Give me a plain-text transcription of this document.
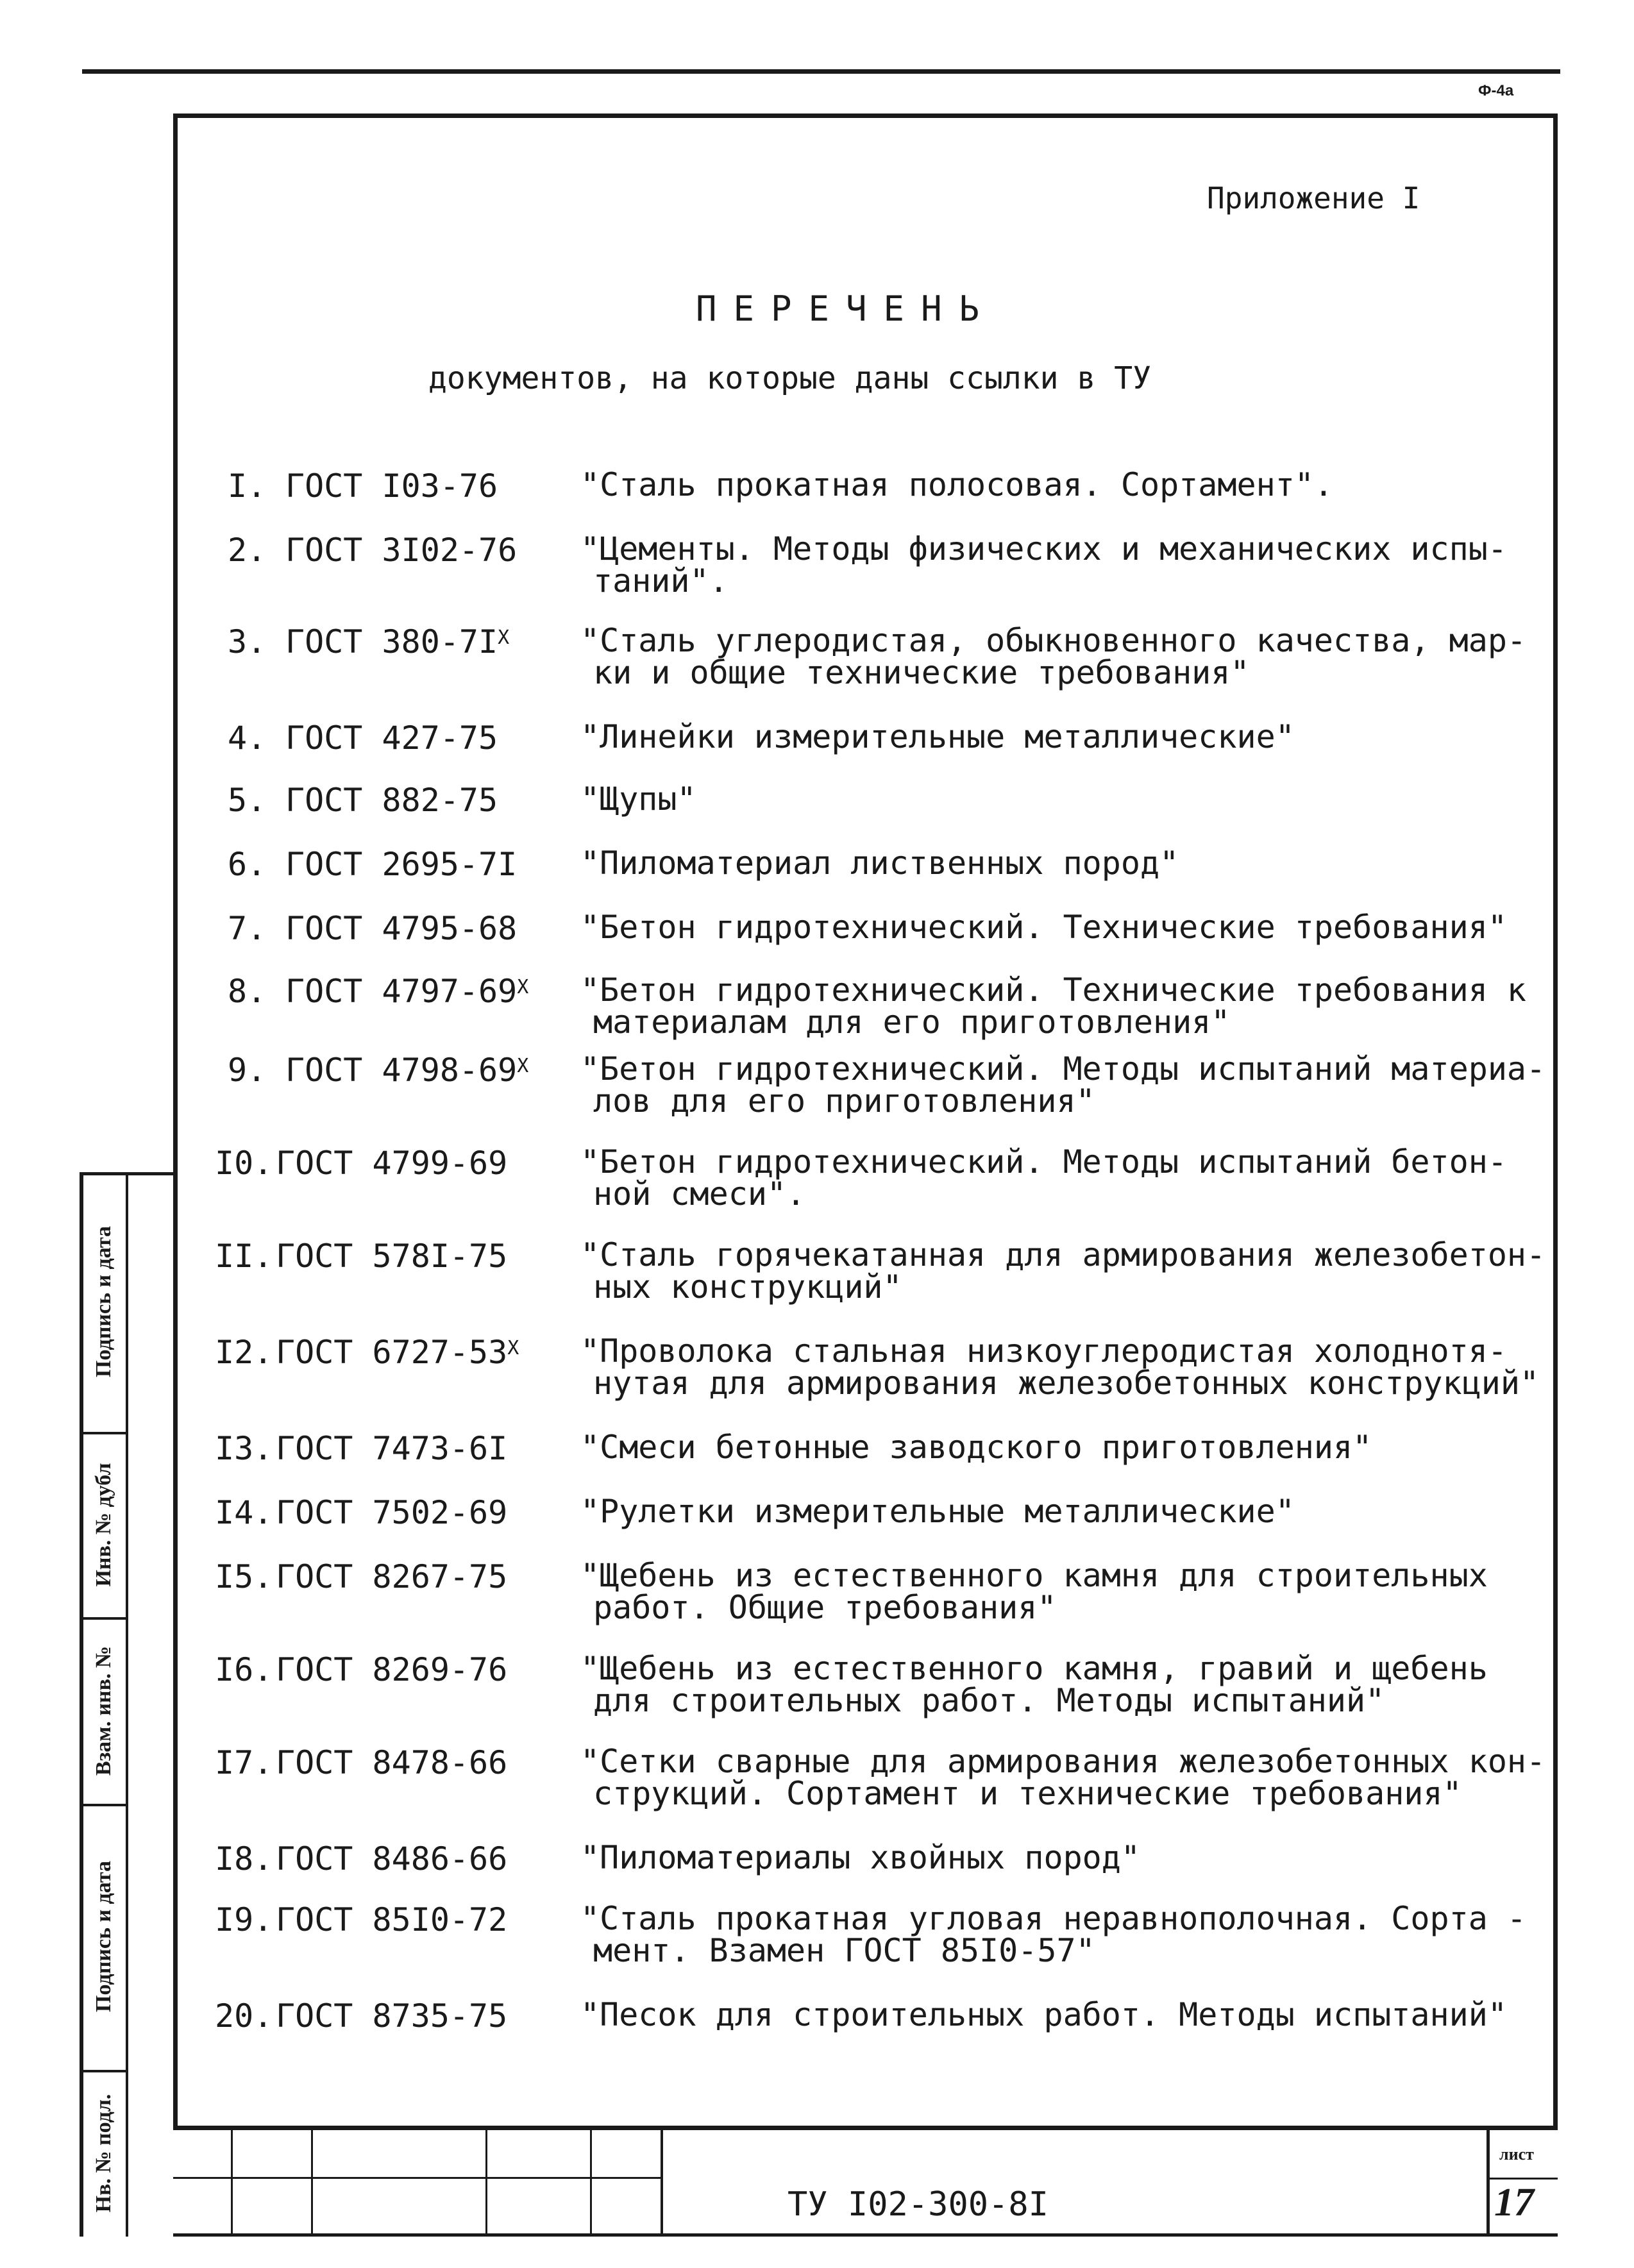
Ф-4а
Приложение I
ПЕРЕЧЕНЬ
документов, на которые даны ссылки в ТУ
I. ГОСТ I03-76	"Сталь прокатная полосовая. Сортамент".
2. ГОСТ 3I02-76 "Цементы. Методы физических и механических испы-
таний".
3. ГОСТ $380-7I^X$ "Сталь углеродистая, обыкновенного качества, мар-
ки и общие технические требования"
4. ГОСТ 427-75	"Линейки измерительные металлические"
5. ГОСТ 882-75	"Щупы"
6. ГОСТ 2695-7I "Пиломатериал лиственных пород"
7. ГОСТ 4795-68 "Бетон гидротехнический. Технические требования"
8. ГОСТ $4797-69^X$ "Бетон гидротехнический. Технические требования к
материалам для его приготовления"
9. ГОСТ $4798-69^X$ "Бетон гидротехнический. Методы испытаний материа-
лов для его приготовления"
I0. ГОСТ 4799-69 "Бетон гидротехнический. Методы испытаний бетон-
ной смеси".
II. ГОСТ 578I-75 "Сталь горячекатанная для армирования железобетон-
ных конструкций"
I2. ГОСТ $6727-53^X$ "Проволока стальная низкоуглеродистая холоднотя-
нутая для армирования железобетонных конструкций"
I3. ГОСТ 7473-6I "Смеси бетонные заводского приготовления"
I4. ГОСТ 7502-69 "Рулетки измерительные металлические"
I5. ГОСТ 8267-75 "Щебень из естественного камня для строительных
работ. Общие требования"
I6. ГОСТ 8269-76 "Щебень из естественного камня, гравий и щебень
для строительных работ. Методы испытаний"
I7. ГОСТ 8478-66 "Сетки сварные для армирования железобетонных кон-
струкций. Сортамент и технические требования"
I8. ГОСТ 8486-66 "Пиломатериалы хвойных пород"
I9. ГОСТ 85I0-72 "Сталь прокатная угловая неравнополочная. Сорта -
мент. Взамен ГОСТ 85I0-57"
20. ГОСТ 8735-75 "Песок для строительных работ. Методы испытаний"
Подпись и дата
Инв. № дубл
Взам. инв. №
Подпись и дата
Нв. № подл.	ТУ I02-300-8I
лист
17
